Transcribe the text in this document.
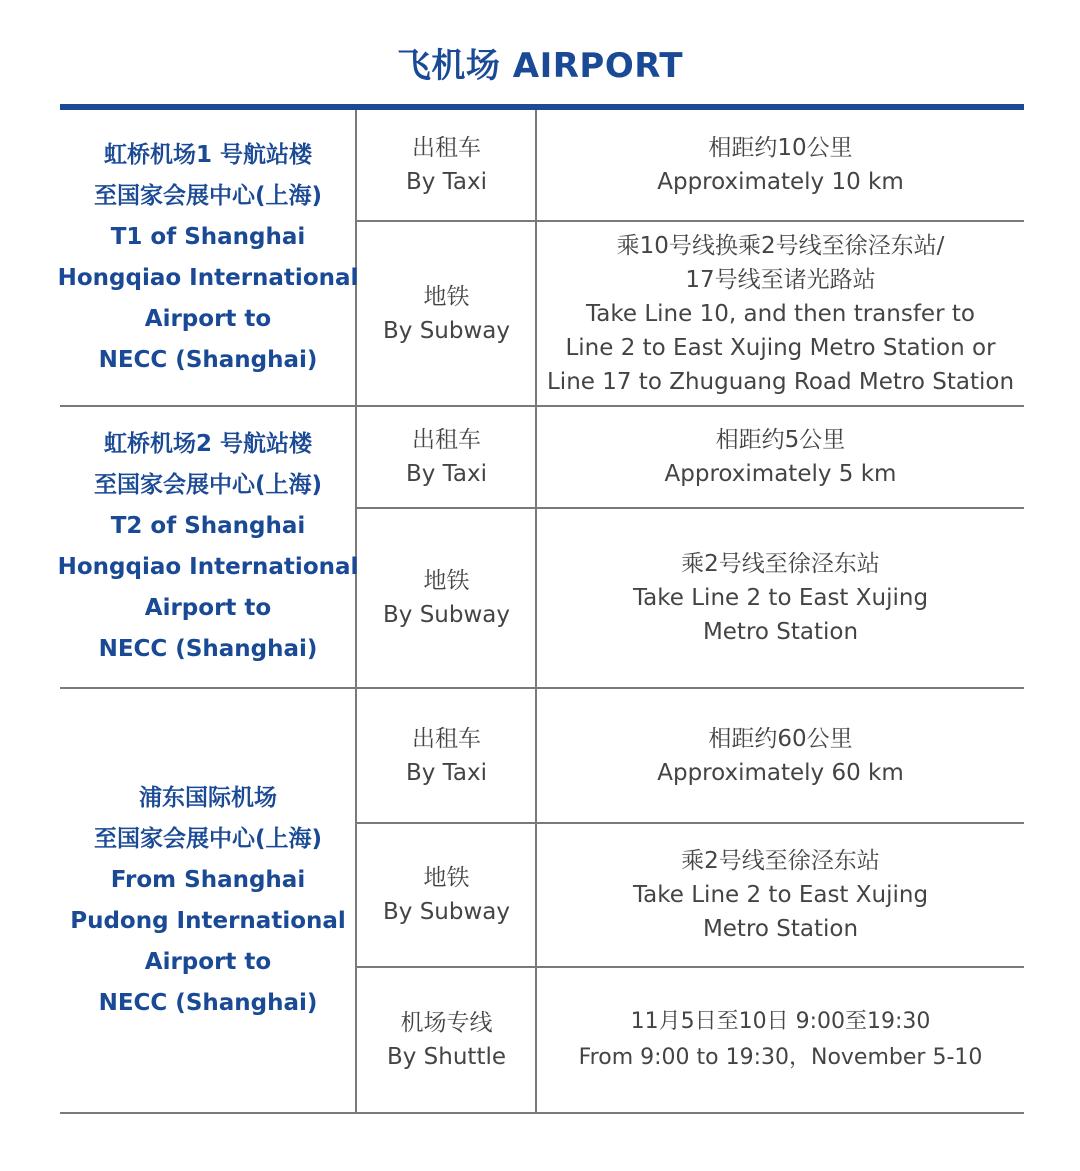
飞机场 AIRPORT
虹桥机场1 号航站楼
至国家会展中心(上海)
T1 of Shanghai
Hongqiao International
Airport to
NECC (Shanghai)
出租车
By Taxi
相距约10公里
Approximately 10 km
地铁
By Subway
乘10号线换乘2号线至徐泾东站/
17号线至诸光路站
Take Line 10, and then transfer to
Line 2 to East Xujing Metro Station or
Line 17 to Zhuguang Road Metro Station
虹桥机场2 号航站楼
至国家会展中心(上海)
T2 of Shanghai
Hongqiao International
Airport to
NECC (Shanghai)
出租车
By Taxi
相距约5公里
Approximately 5 km
地铁
By Subway
乘2号线至徐泾东站
Take Line 2 to East Xujing
Metro Station
浦东国际机场
至国家会展中心(上海)
From Shanghai
Pudong International
Airport to
NECC (Shanghai)
出租车
By Taxi
相距约60公里
Approximately 60 km
地铁
By Subway
乘2号线至徐泾东站
Take Line 2 to East Xujing
Metro Station
机场专线
By Shuttle
11月5日至10日 9:00至19:30
From 9:00 to 19:30，November 5-10
